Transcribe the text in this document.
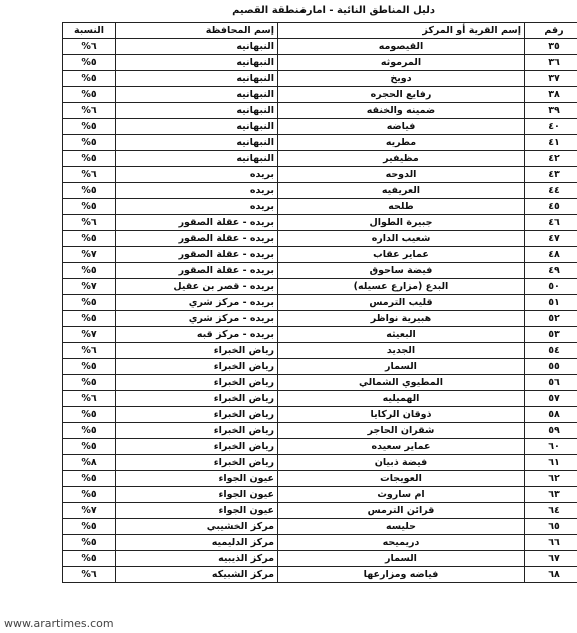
دليل المناطق النائية - امارة
منطقة القصيم
رقم	إسم القرية أو المركز	إسم المحافظة	النسبة
٣٥	القيصومه	النبهانيه	٦%
٣٦	المرموثه	النبهانيه	٥%
٣٧	دويخ	النبهانيه	٥%
٣٨	رفايع الحجره	النبهانيه	٥%
٣٩	ضمينه والخنقه	النبهانيه	٦%
٤٠	فياضه	النبهانيه	٥%
٤١	مطريه	النبهانيه	٥%
٤٢	مظيفير	النبهانيه	٥%
٤٣	الدوحه	بريده	٦%
٤٤	العريفيه	بريده	٥%
٤٥	طلحه	بريده	٥%
٤٦	جبيرة الطوال	بريده - عقلة الصقور	٦%
٤٧	شعيب الداره	بريده - عقلة الصقور	٥%
٤٨	عماير عقاب	بريده - عقلة الصقور	٧%
٤٩	فيضة ساحوق	بريده - عقلة الصقور	٥%
٥٠	البدع (مزارع عسيله)	بريده - قصر بن عقيل	٧%
٥١	قليب الترمس	بريده - مركز شري	٥%
٥٢	هبيرية نواظر	بريده - مركز شري	٥%
٥٣	البعيثه	بريده - مركز قبه	٧%
٥٤	الجديد	رياض الخبراء	٦%
٥٥	السمار	رياض الخبراء	٥%
٥٦	المطيوي الشمالي	رياض الخبراء	٥%
٥٧	الهميليه	رياض الخبراء	٦%
٥٨	ذوقان الركايا	رياض الخبراء	٥%
٥٩	شقران الحاجر	رياض الخبراء	٥%
٦٠	عماير سعيده	رياض الخبراء	٥%
٦١	فيضة ذبيان	رياض الخبراء	٨%
٦٢	العويجات	عيون الجواء	٥%
٦٣	ام ساروث	عيون الجواء	٥%
٦٤	قرائن الترمس	عيون الجواء	٧%
٦٥	حليسه	مركز الخشيبي	٥%
٦٦	دريميحه	مركز الدليميه	٥%
٦٧	السمار	مركز الذيبيه	٥%
٦٨	فياضه ومزارعها	مركز الشبيكه	٦%
www.arartimes.com
